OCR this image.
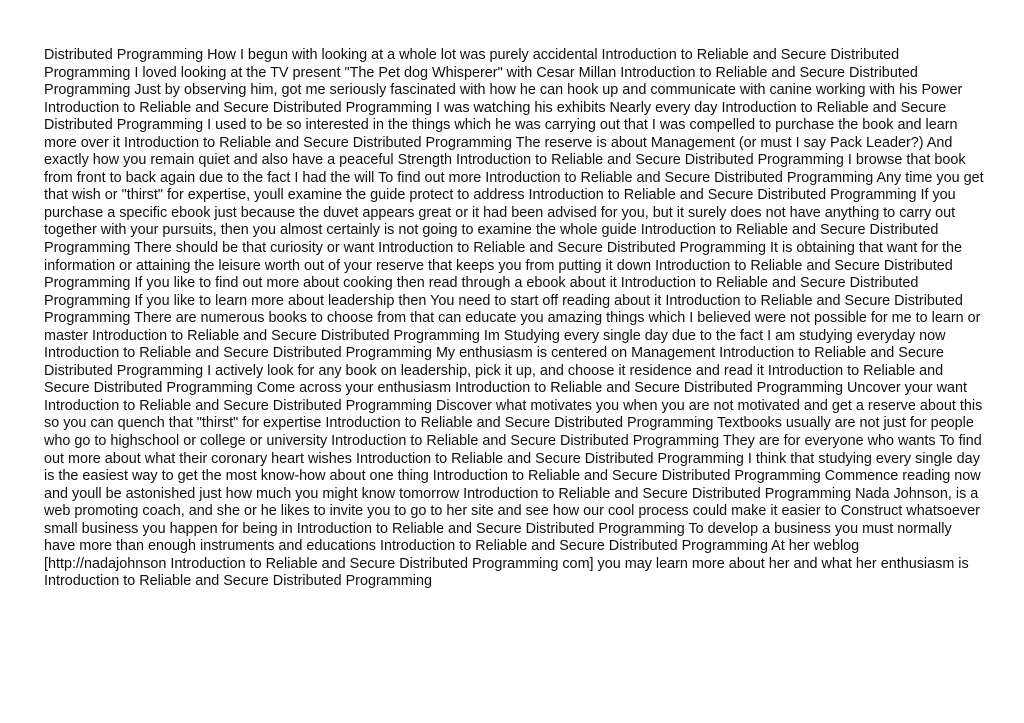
Distributed Programming How I begun with looking at a whole lot was purely accidental Introduction to Reliable and Secure Distributed Programming I loved looking at the TV present "The Pet dog Whisperer" with Cesar Millan Introduction to Reliable and Secure Distributed Programming Just by observing him, got me seriously fascinated with how he can hook up and communicate with canine working with his Power Introduction to Reliable and Secure Distributed Programming I was watching his exhibits Nearly every day Introduction to Reliable and Secure Distributed Programming I used to be so interested in the things which he was carrying out that I was compelled to purchase the book and learn more over it Introduction to Reliable and Secure Distributed Programming The reserve is about Management (or must I say Pack Leader?) And exactly how you remain quiet and also have a peaceful Strength Introduction to Reliable and Secure Distributed Programming I browse that book from front to back again due to the fact I had the will To find out more Introduction to Reliable and Secure Distributed Programming Any time you get that wish or "thirst" for expertise, youll examine the guide protect to address Introduction to Reliable and Secure Distributed Programming If you purchase a specific ebook just because the duvet appears great or it had been advised for you, but it surely does not have anything to carry out together with your pursuits, then you almost certainly is not going to examine the whole guide Introduction to Reliable and Secure Distributed Programming There should be that curiosity or want Introduction to Reliable and Secure Distributed Programming It is obtaining that want for the information or attaining the leisure worth out of your reserve that keeps you from putting it down Introduction to Reliable and Secure Distributed Programming If you like to find out more about cooking then read through a ebook about it Introduction to Reliable and Secure Distributed Programming If you like to learn more about leadership then You need to start off reading about it Introduction to Reliable and Secure Distributed Programming There are numerous books to choose from that can educate you amazing things which I believed were not possible for me to learn or master Introduction to Reliable and Secure Distributed Programming Im Studying every single day due to the fact I am studying everyday now Introduction to Reliable and Secure Distributed Programming My enthusiasm is centered on Management Introduction to Reliable and Secure Distributed Programming I actively look for any book on leadership, pick it up, and choose it residence and read it Introduction to Reliable and Secure Distributed Programming Come across your enthusiasm Introduction to Reliable and Secure Distributed Programming Uncover your want Introduction to Reliable and Secure Distributed Programming Discover what motivates you when you are not motivated and get a reserve about this so you can quench that "thirst" for expertise Introduction to Reliable and Secure Distributed Programming Textbooks usually are not just for people who go to highschool or college or university Introduction to Reliable and Secure Distributed Programming They are for everyone who wants To find out more about what their coronary heart wishes Introduction to Reliable and Secure Distributed Programming I think that studying every single day is the easiest way to get the most know-how about one thing Introduction to Reliable and Secure Distributed Programming Commence reading now and youll be astonished just how much you might know tomorrow Introduction to Reliable and Secure Distributed Programming Nada Johnson, is a web promoting coach, and she or he likes to invite you to go to her site and see how our cool process could make it easier to Construct whatsoever small business you happen for being in Introduction to Reliable and Secure Distributed Programming To develop a business you must normally have more than enough instruments and educations Introduction to Reliable and Secure Distributed Programming At her weblog [http://nadajohnson Introduction to Reliable and Secure Distributed Programming com] you may learn more about her and what her enthusiasm is Introduction to Reliable and Secure Distributed Programming
